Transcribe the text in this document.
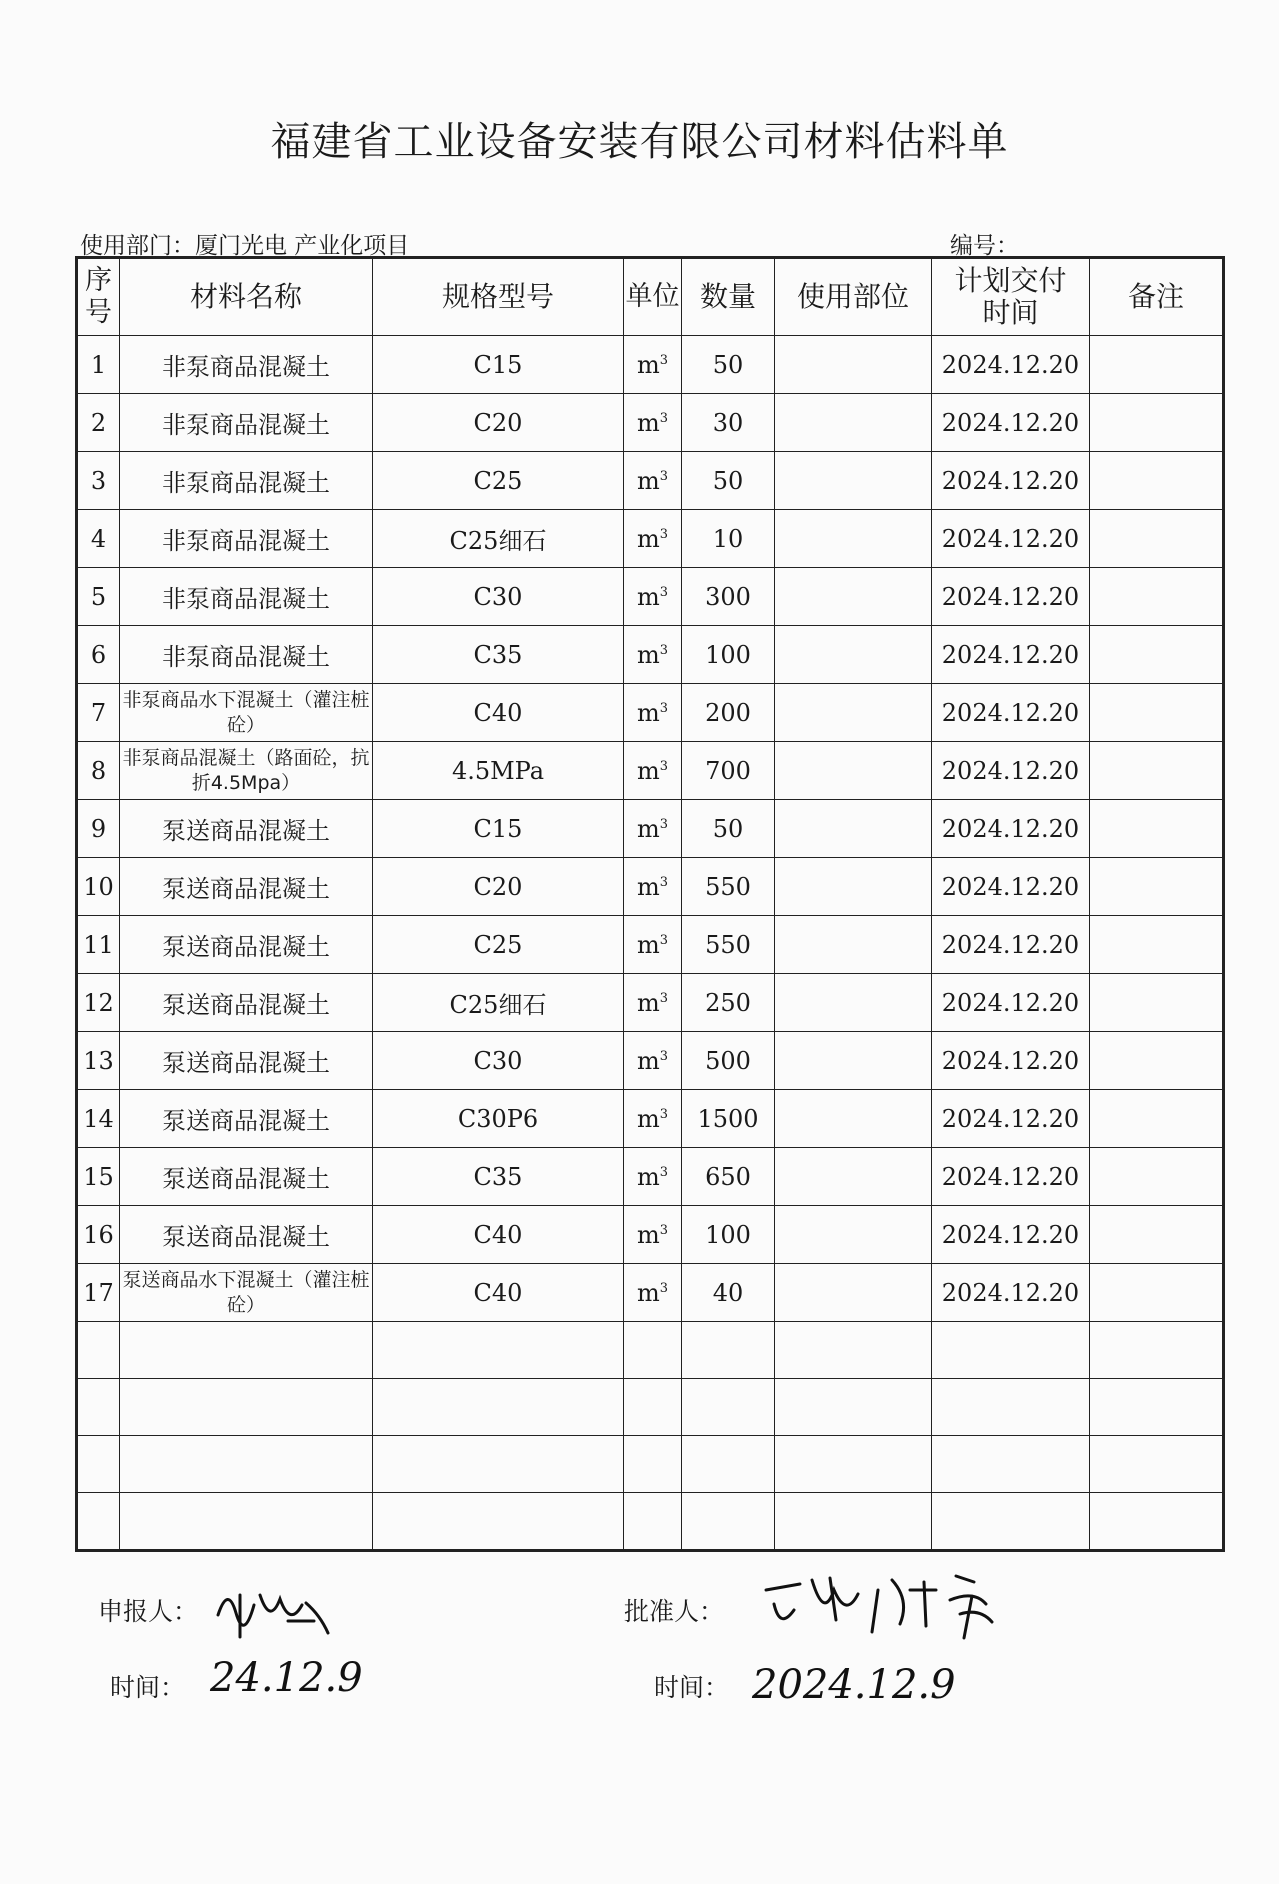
福建省工业设备安装有限公司材料估料单
使用部门：厦门光电 产业化项目	编号：
序号	材料名称	规格型号	单位	数量	使用部位	计划交付时间	备注
1	非泵商品混凝土	C15	$m^3$	50		2024.12.20	
2	非泵商品混凝土	C20	$m^3$	30		2024.12.20	
3	非泵商品混凝土	C25	$m^3$	50		2024.12.20	
4	非泵商品混凝土	C25细石	$m^3$	10		2024.12.20	
5	非泵商品混凝土	C30	$m^3$	300		2024.12.20	
6	非泵商品混凝土	C35	$m^3$	100		2024.12.20	
7	非泵商品水下混凝土（灌注桩砼）	C40	$m^3$	200		2024.12.20	
8	非泵商品混凝土（路面砼，抗折4.5Mpa）	4.5MPa	$m^3$	700		2024.12.20	
9	泵送商品混凝土	C15	$m^3$	50		2024.12.20	
10	泵送商品混凝土	C20	$m^3$	550		2024.12.20	
11	泵送商品混凝土	C25	$m^3$	550		2024.12.20	
12	泵送商品混凝土	C25细石	$m^3$	250		2024.12.20	
13	泵送商品混凝土	C30	$m^3$	500		2024.12.20	
14	泵送商品混凝土	C30P6	$m^3$	1500		2024.12.20	
15	泵送商品混凝土	C35	$m^3$	650		2024.12.20	
16	泵送商品混凝土	C40	$m^3$	100		2024.12.20	
17	泵送商品水下混凝土（灌注桩砼）	C40	$m^3$	40		2024.12.20	

申报人：
时间： 24.12.9
批准人：
时间： 2024.12.9
